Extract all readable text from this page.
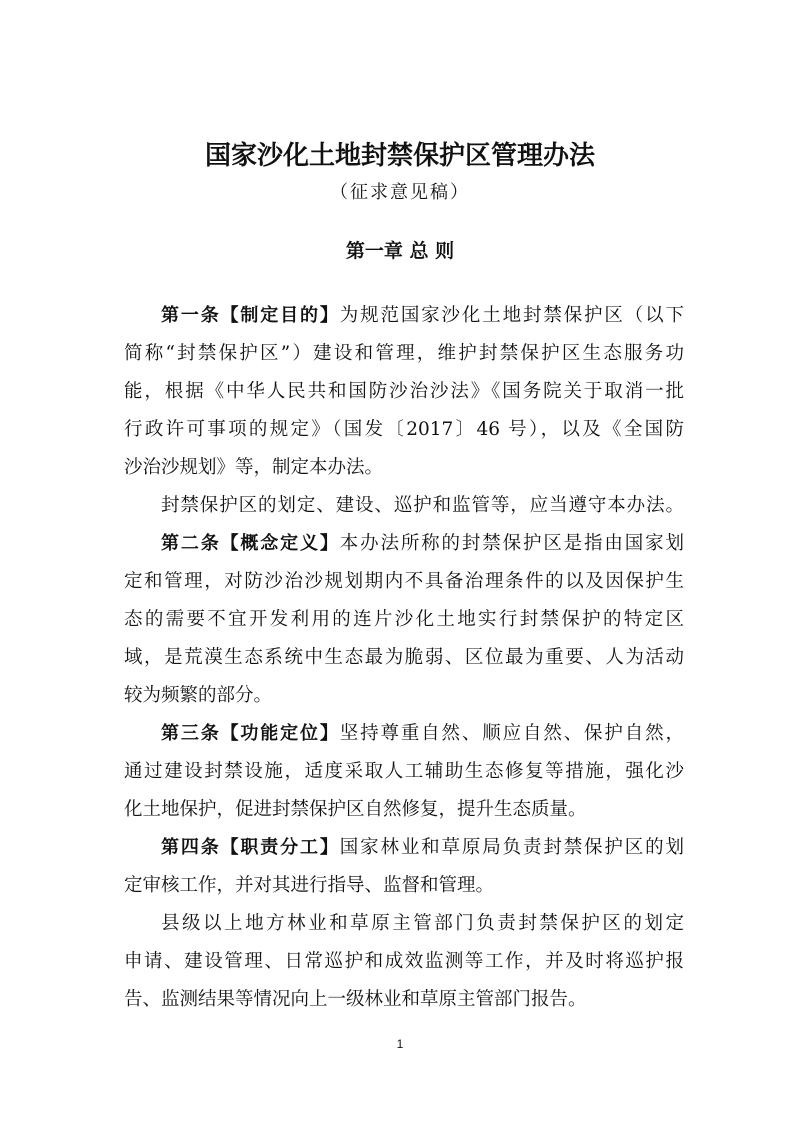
国家沙化土地封禁保护区管理办法
（征求意见稿）
第一章 总 则
第一条【制定目的】为规范国家沙化土地封禁保护区（以下
简称“封禁保护区”）建设和管理，维护封禁保护区生态服务功
能，根据《中华人民共和国防沙治沙法》《国务院关于取消一批
行政许可事项的规定》（国发〔2017〕46 号），以及《全国防
沙治沙规划》等，制定本办法。
封禁保护区的划定、建设、巡护和监管等，应当遵守本办法。
第二条【概念定义】本办法所称的封禁保护区是指由国家划
定和管理，对防沙治沙规划期内不具备治理条件的以及因保护生
态的需要不宜开发利用的连片沙化土地实行封禁保护的特定区
域，是荒漠生态系统中生态最为脆弱、区位最为重要、人为活动
较为频繁的部分。
第三条【功能定位】坚持尊重自然、顺应自然、保护自然，
通过建设封禁设施，适度采取人工辅助生态修复等措施，强化沙
化土地保护，促进封禁保护区自然修复，提升生态质量。
第四条【职责分工】国家林业和草原局负责封禁保护区的划
定审核工作，并对其进行指导、监督和管理。
县级以上地方林业和草原主管部门负责封禁保护区的划定
申请、建设管理、日常巡护和成效监测等工作，并及时将巡护报
告、监测结果等情况向上一级林业和草原主管部门报告。
1
